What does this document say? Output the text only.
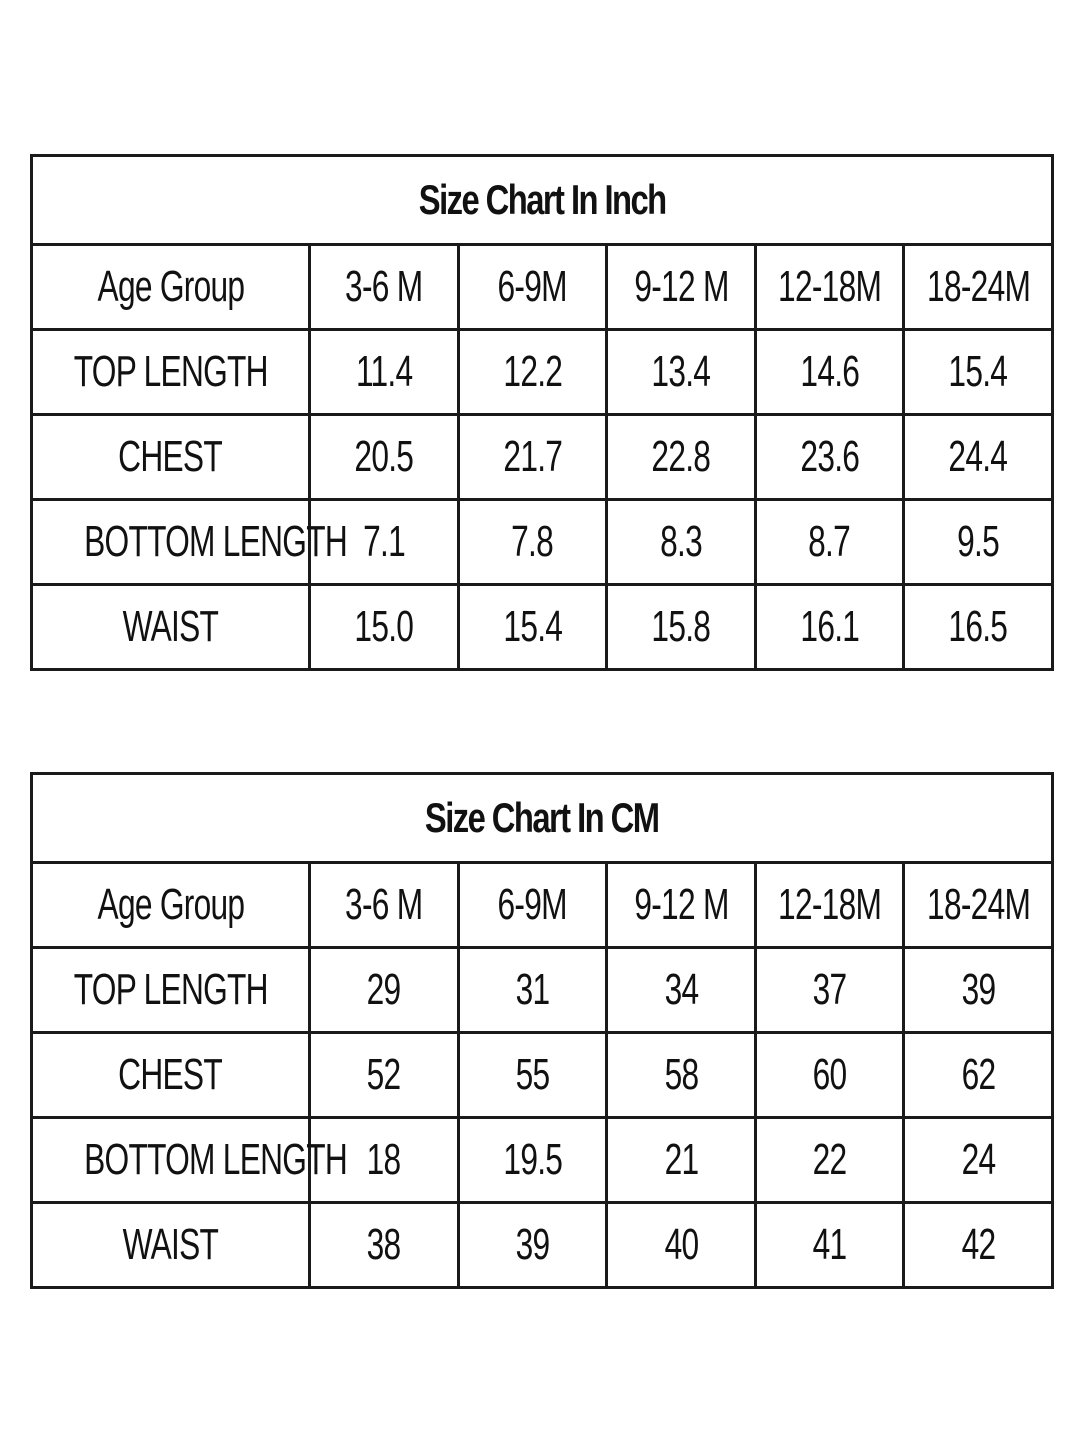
Size Chart In Inch					
Age Group	3-6 M	6-9M	9-12 M	12-18M	18-24M
TOP LENGTH	11.4	12.2	13.4	14.6	15.4
CHEST	20.5	21.7	22.8	23.6	24.4
BOTTOM LENGTH	7.1	7.8	8.3	8.7	9.5
WAIST	15.0	15.4	15.8	16.1	16.5
Size Chart In CM					
Age Group	3-6 M	6-9M	9-12 M	12-18M	18-24M
TOP LENGTH	29	31	34	37	39
CHEST	52	55	58	60	62
BOTTOM LENGTH	18	19.5	21	22	24
WAIST	38	39	40	41	42
